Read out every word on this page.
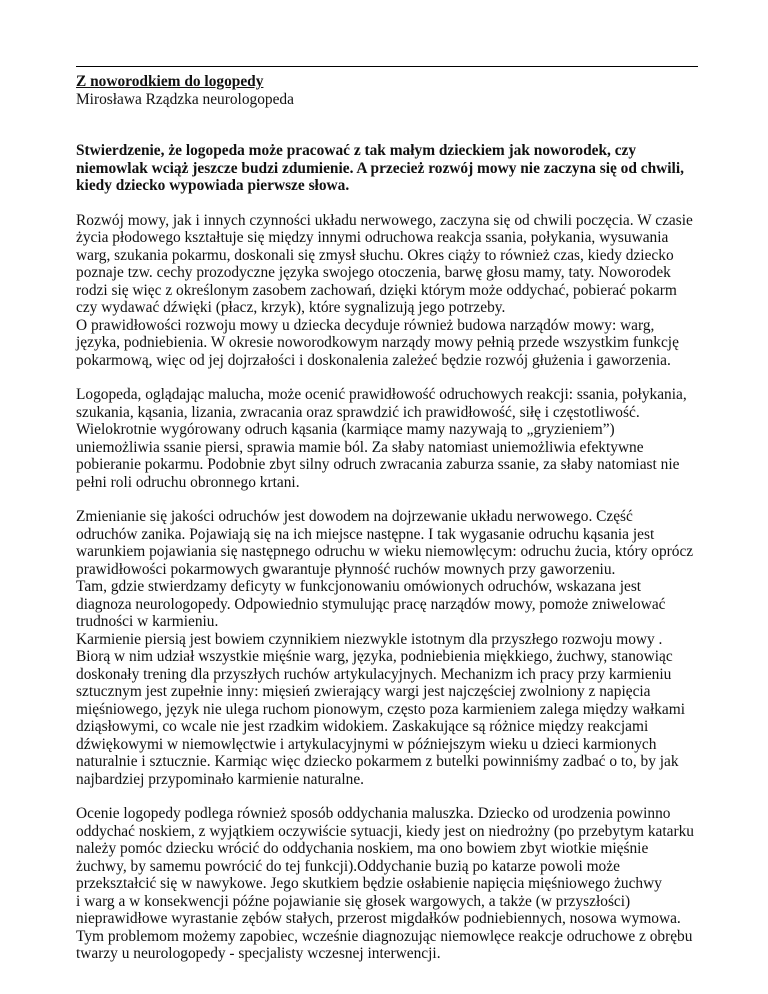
Z noworodkiem do logopedy

Mirosława Rządzka neurologopeda

Stwierdzenie, że logopeda może pracować z tak małym dzieckiem jak noworodek, czy
niemowlak wciąż jeszcze budzi zdumienie. A przecież rozwój mowy nie zaczyna się od chwili,
kiedy dziecko wypowiada pierwsze słowa.

Rozwój mowy, jak i innych czynności układu nerwowego, zaczyna się od chwili poczęcia. W czasie
życia płodowego kształtuje się między innymi odruchowa reakcja ssania, połykania, wysuwania
warg, szukania pokarmu, doskonali się zmysł słuchu. Okres ciąży to również czas, kiedy dziecko
poznaje tzw. cechy prozodyczne języka swojego otoczenia, barwę głosu mamy, taty. Noworodek
rodzi się więc z określonym zasobem zachowań, dzięki którym może oddychać, pobierać pokarm
czy wydawać dźwięki (płacz, krzyk), które sygnalizują jego potrzeby.
O prawidłowości rozwoju mowy u dziecka decyduje również budowa narządów mowy: warg,
języka, podniebienia. W okresie noworodkowym narządy mowy pełnią przede wszystkim funkcję
pokarmową, więc od jej dojrzałości i doskonalenia zależeć będzie rozwój głużenia i gaworzenia.

Logopeda, oglądając malucha, może ocenić prawidłowość odruchowych reakcji: ssania, połykania,
szukania, kąsania, lizania, zwracania oraz sprawdzić ich prawidłowość, siłę i częstotliwość.
Wielokrotnie wygórowany odruch kąsania (karmiące mamy nazywają to „gryzieniem”)
uniemożliwia ssanie piersi, sprawia mamie ból. Za słaby natomiast uniemożliwia efektywne
pobieranie pokarmu. Podobnie zbyt silny odruch zwracania zaburza ssanie, za słaby natomiast nie
pełni roli odruchu obronnego krtani.

Zmienianie się jakości odruchów jest dowodem na dojrzewanie układu nerwowego. Część
odruchów zanika. Pojawiają się na ich miejsce następne. I tak wygasanie odruchu kąsania jest
warunkiem pojawiania się następnego odruchu w wieku niemowlęcym: odruchu żucia, który oprócz
prawidłowości pokarmowych gwarantuje płynność ruchów mownych przy gaworzeniu.
Tam, gdzie stwierdzamy deficyty w funkcjonowaniu omówionych odruchów, wskazana jest
diagnoza neurologopedy. Odpowiednio stymulując pracę narządów mowy, pomoże zniwelować
trudności w karmieniu.
Karmienie piersią jest bowiem czynnikiem niezwykle istotnym dla przyszłego rozwoju mowy .
Biorą w nim udział wszystkie mięśnie warg, języka, podniebienia miękkiego, żuchwy, stanowiąc
doskonały trening dla przyszłych ruchów artykulacyjnych. Mechanizm ich pracy przy karmieniu
sztucznym jest zupełnie inny: mięsień zwierający wargi jest najczęściej zwolniony z napięcia
mięśniowego, język nie ulega ruchom pionowym, często poza karmieniem zalega między wałkami
dziąsłowymi, co wcale nie jest rzadkim widokiem. Zaskakujące są różnice między reakcjami
dźwiękowymi w niemowlęctwie i artykulacyjnymi w późniejszym wieku u dzieci karmionych
naturalnie i sztucznie. Karmiąc więc dziecko pokarmem z butelki powinniśmy zadbać o to, by jak
najbardziej przypominało karmienie naturalne.

Ocenie logopedy podlega również sposób oddychania maluszka. Dziecko od urodzenia powinno
oddychać noskiem, z wyjątkiem oczywiście sytuacji, kiedy jest on niedrożny (po przebytym katarku
należy pomóc dziecku wrócić do oddychania noskiem, ma ono bowiem zbyt wiotkie mięśnie
żuchwy, by samemu powrócić do tej funkcji).Oddychanie buzią po katarze powoli może
przekształcić się w nawykowe. Jego skutkiem będzie osłabienie napięcia mięśniowego żuchwy
i warg a w konsekwencji późne pojawianie się głosek wargowych, a także (w przyszłości)
nieprawidłowe wyrastanie zębów stałych, przerost migdałków podniebiennych, nosowa wymowa.
Tym problemom możemy zapobiec, wcześnie diagnozując niemowlęce reakcje odruchowe z obrębu
twarzy u neurologopedy - specjalisty wczesnej interwencji.
